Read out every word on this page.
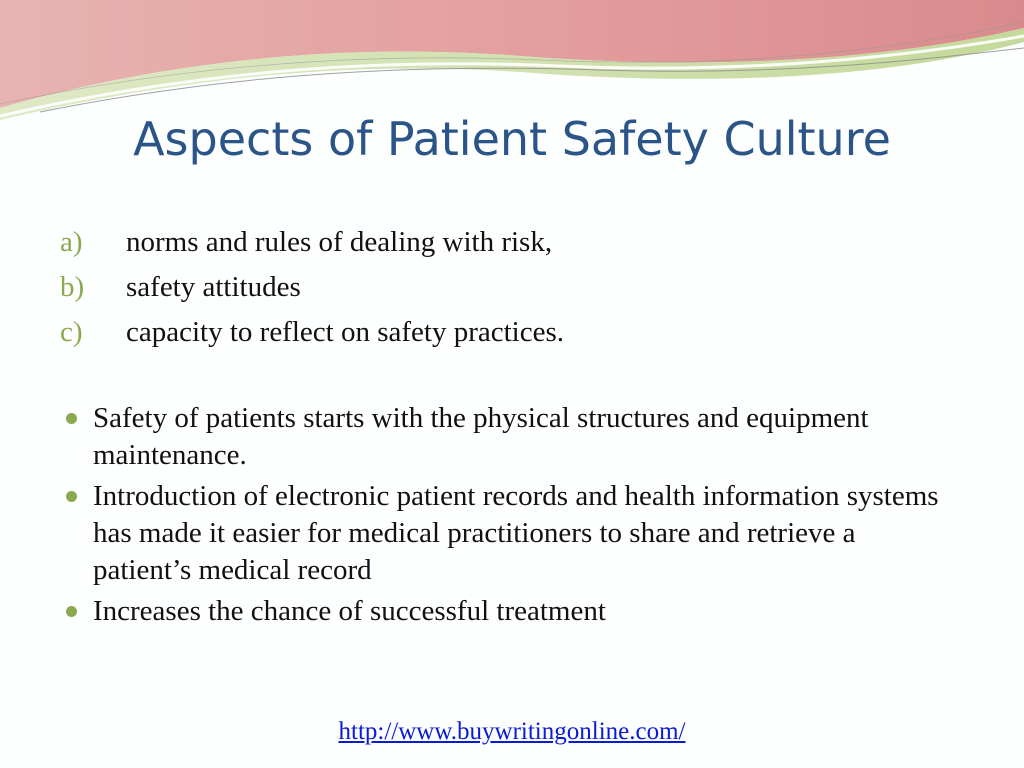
Aspects of Patient Safety Culture
a) norms and rules of dealing with risk,
b) safety attitudes
c) capacity to reflect on safety practices.
Safety of patients starts with the physical structures and equipment maintenance.
Introduction of electronic patient records and health information systems has made it easier for medical practitioners to share and retrieve a patient’s medical record
Increases the chance of successful treatment
http://www.buywritingonline.com/
